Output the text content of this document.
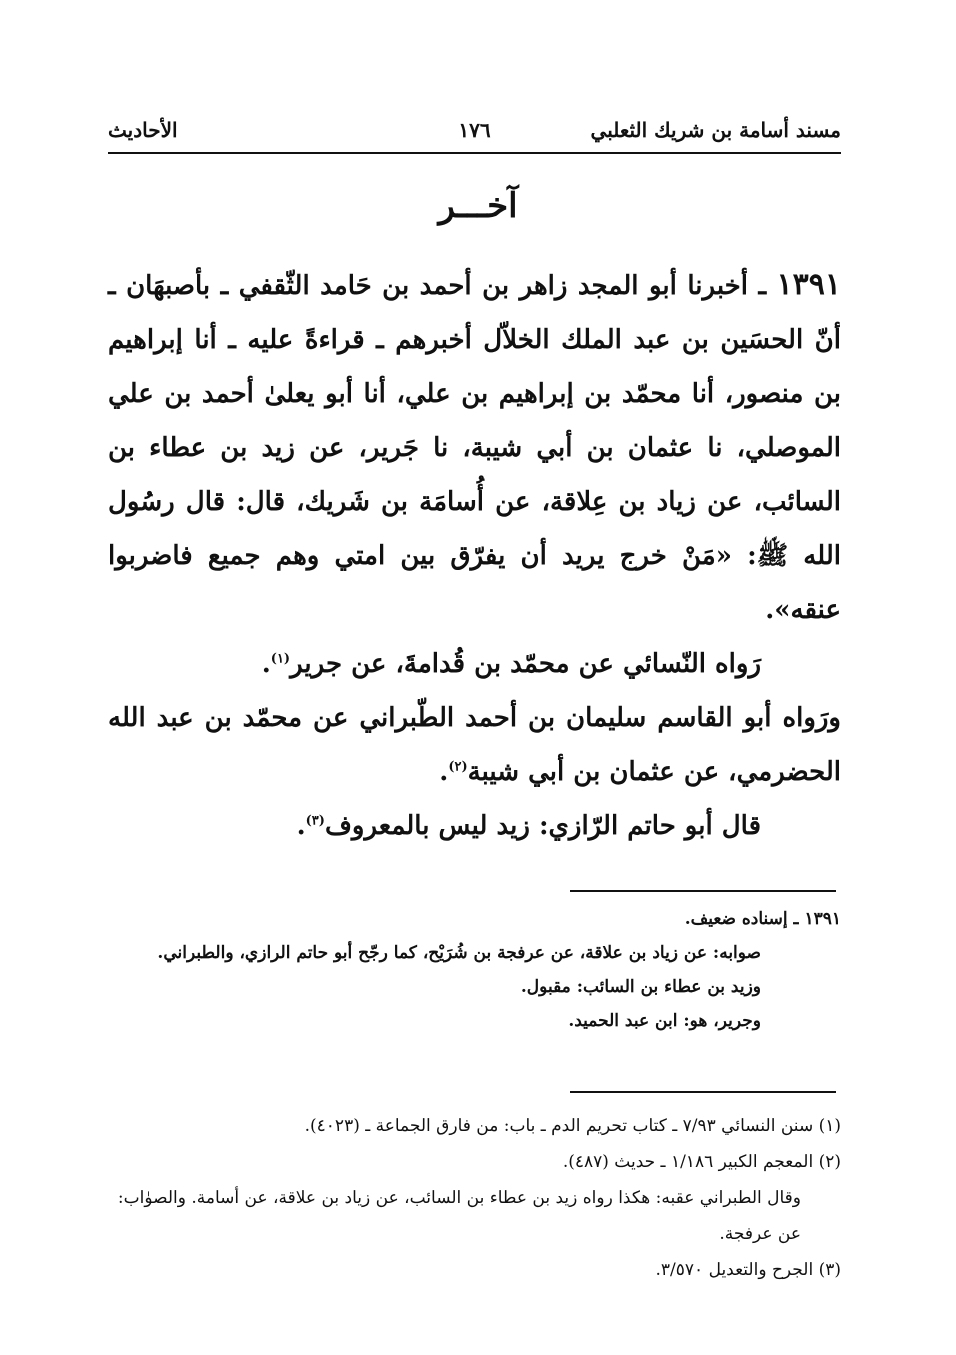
مسند أسامة بن شريك الثعلبي
١٧٦
الأحاديث
آخـــر

١٣٩١ ـ أخبرنا أبو المجد زاهر بن أحمد بن حَامد الثّقفي ـ بأصبهَان ـ أنّ الحسَين بن عبد الملك الخلاّل أخبرهم ـ قراءةً عليه ـ أنا إبراهيم بن منصور، أنا محمّد بن إبراهيم بن علي، أنا أبو يعلىٰ أحمد بن علي الموصلي، نا عثمان بن أبي شيبة، نا جَرير، عن زيد بن عطاء بن السائب، عن زياد بن عِلاقة، عن أُسامَة بن شَريك، قال: قال رسُول الله ﷺ: «مَنْ خرج يريد أن يفرّق بين امتي وهم جميع فاضربوا عنقه».

رَواه النّسائي عن محمّد بن قُدامةَ، عن جرير$^{(١)}$.

ورَواه أبو القاسم سليمان بن أحمد الطّبراني عن محمّد بن عبد الله الحضرمي، عن عثمان بن أبي شيبة$^{(٢)}$.

قال أبو حاتم الرّازي: زيد ليس بالمعروف$^{(٣)}$.

١٣٩١ ـ إسناده ضعيف.

صوابه: عن زياد بن علاقة، عن عرفجة بن شُرَيْح، كما رجّح أبو حاتم الرازي، والطبراني.

وزيد بن عطاء بن السائب: مقبول.

وجرير، هو: ابن عبد الحميد.

(١) سنن النسائي ٧/٩٣ ـ كتاب تحريم الدم ـ باب: من فارق الجماعة ـ (٤٠٢٣).

(٢) المعجم الكبير ١/١٨٦ ـ حديث (٤٨٧).

وقال الطبراني عقبه: هكذا رواه زيد بن عطاء بن السائب، عن زياد بن علاقة، عن أسامة. والصوٰاب: عن عرفجة.

(٣) الجرح والتعديل ٣/٥٧٠.
